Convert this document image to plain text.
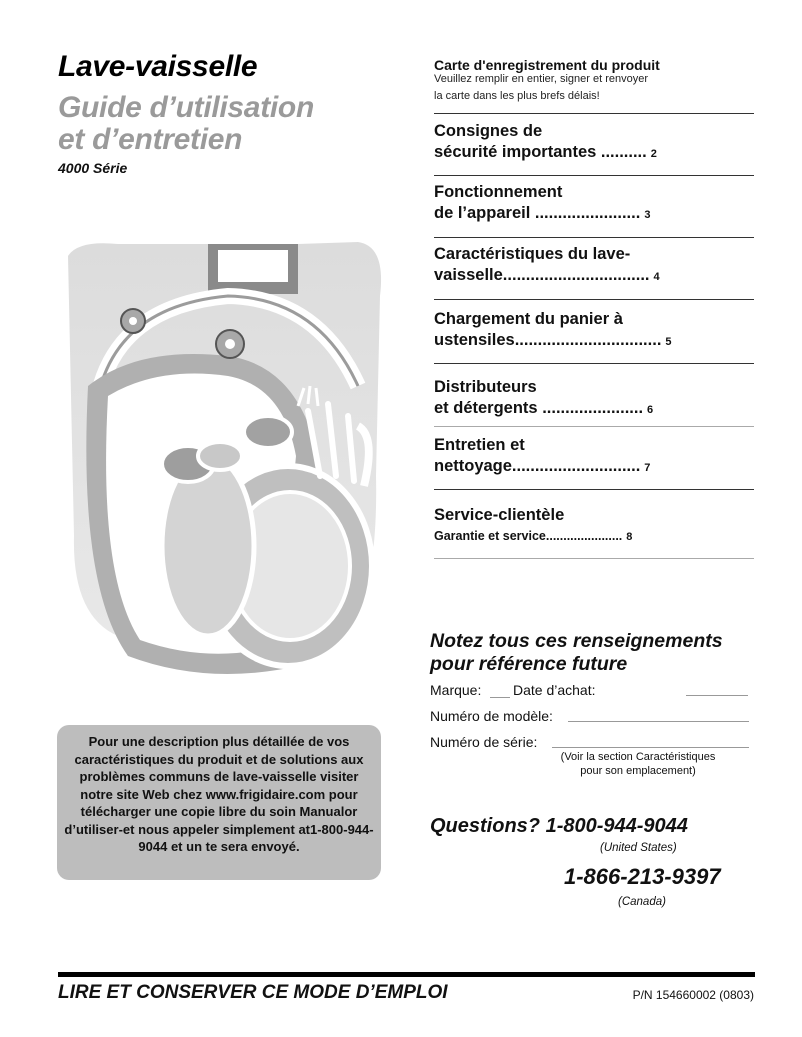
Lave-vaisselle
Guide d’utilisation
et d’entretien
4000 Série
Pour une description plus détaillée de vos caractéristiques du produit et de solutions aux problèmes communs de lave-vaisselle visiter notre site Web chez www.frigidaire.com pour télécharger une copie libre du soin Manualor d’utiliser-et nous appeler simplement at1-800-944-9044 et un te sera envoyé.
Carte d'enregistrement du produit
Veuillez remplir en entier, signer et renvoyer
la carte dans les plus brefs délais!
Consignes de
sécurité importantes .......... 2
Fonctionnement
de l’appareil ....................... 3
Caractéristiques du lave-
vaisselle................................ 4
Chargement du panier à
ustensiles................................ 5
Distributeurs
et détergents ...................... 6
Entretien et
nettoyage............................ 7
Service-clientèle
Garantie et service...................... 8
Notez tous ces renseignements
pour référence future
Marque: Date d’achat:
Numéro de modèle:
Numéro de série:
(Voir la section Caractéristiques
pour son emplacement)
Questions? 1-800-944-9044
(United States)
1-866-213-9397
(Canada)
LIRE ET CONSERVER CE MODE D’EMPLOI	P/N 154660002 (0803)
